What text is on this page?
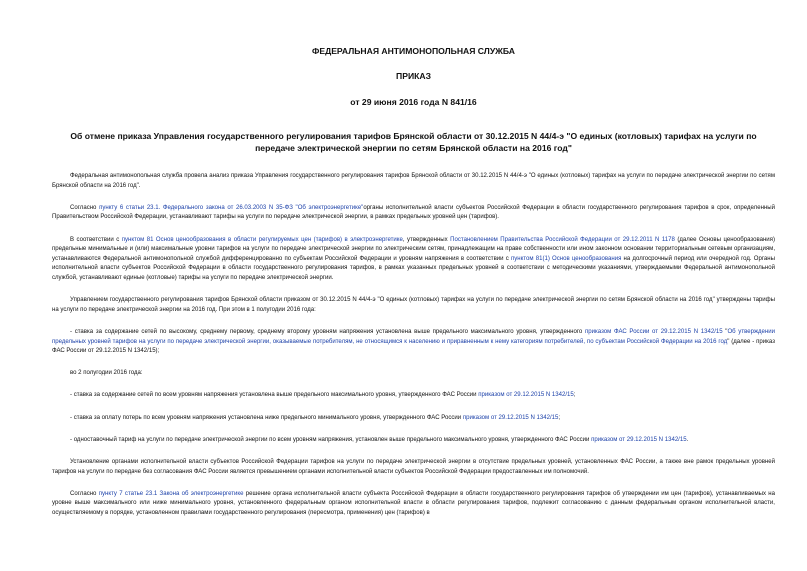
ФЕДЕРАЛЬНАЯ АНТИМОНОПОЛЬНАЯ СЛУЖБА
ПРИКАЗ
от 29 июня 2016 года N 841/16
Об отмене приказа Управления государственного регулирования тарифов Брянской области от 30.12.2015 N 44/4-э "О единых (котловых) тарифах на услуги по передаче электрической энергии по сетям Брянской области на 2016 год"

Федеральная антимонопольная служба провела анализ приказа Управления государственного регулирования тарифов Брянской области от 30.12.2015 N 44/4-э "О единых (котловых) тарифах на услуги по передаче электрической энергии по сетям Брянской области на 2016 год".

Согласно пункту 6 статьи 23.1. Федерального закона от 26.03.2003 N 35-ФЗ "Об электроэнергетике"органы исполнительной власти субъектов Российской Федерации в области государственного регулирования тарифов в срок, определенный Правительством Российской Федерации, устанавливают тарифы на услуги по передаче электрической энергии, в рамках предельных уровней цен (тарифов).

В соответствии с пунктом 81 Основ ценообразования в области регулируемых цен (тарифов) в электроэнергетике, утвержденных Постановлением Правительства Российской Федерации от 29.12.2011 N 1178 (далее Основы ценообразования) предельные минимальные и (или) максимальные уровни тарифов на услуги по передаче электрической энергии по электрическим сетям, принадлежащим на праве собственности или ином законном основании территориальным сетевым организациям, устанавливаются Федеральной антимонопольной службой дифференцированно по субъектам Российской Федерации и уровням напряжения в соответствии с пунктом 81(1) Основ ценообразования на долгосрочный период или очередной год. Органы исполнительной власти субъектов Российской Федерации в области государственного регулирования тарифов, в рамках указанных предельных уровней в соответствии с методическими указаниями, утверждаемыми Федеральной антимонопольной службой, устанавливают единые (котловые) тарифы на услуги по передаче электрической энергии.

Управлением государственного регулирования тарифов Брянской области приказом от 30.12.2015 N 44/4-э "О единых (котловых) тарифах на услуги по передаче электрической энергии по сетям Брянской области на 2016 год" утверждены тарифы на услуги по передаче электрической энергии на 2016 год. При этом в 1 полугодии 2016 года:

- ставка за содержание сетей по высокому, среднему первому, среднему второму уровням напряжения установлена выше предельного максимального уровня, утвержденного приказом ФАС России от 29.12.2015 N 1342/15 "Об утверждении предельных уровней тарифов на услуги по передаче электрической энергии, оказываемые потребителям, не относящимся к населению и приравненным к нему категориям потребителей, по субъектам Российской Федерации на 2016 год" (далее - приказ ФАС России от 29.12.2015 N 1342/15);

во 2 полугодии 2016 года:

- ставка за содержание сетей по всем уровням напряжения установлена выше предельного максимального уровня, утвержденного ФАС России приказом от 29.12.2015 N 1342/15;

- ставка за оплату потерь по всем уровням напряжения установлена ниже предельного минимального уровня, утвержденного ФАС России приказом от 29.12.2015 N 1342/15;

- одноставочный тариф на услуги по передаче электрической энергии по всем уровням напряжения, установлен выше предельного максимального уровня, утвержденного ФАС России приказом от 29.12.2015 N 1342/15.

Установление органами исполнительной власти субъектов Российской Федерации тарифов на услуги по передаче электрической энергии в отсутствие предельных уровней, установленных ФАС России, а также вне рамок предельных уровней тарифов на услуги по передаче без согласования ФАС России является превышением органами исполнительной власти субъектов Российской Федерации предоставленных им полномочий.

Согласно пункту 7 статье 23.1 Закона об электроэнергетике решение органа исполнительной власти субъекта Российской Федерации в области государственного регулирования тарифов об утверждении им цен (тарифов), устанавливаемых на уровне выше максимального или ниже минимального уровня, установленного федеральным органом исполнительной власти в области регулирования тарифов, подлежит согласованию с данным федеральным органом исполнительной власти, осуществляемому в порядке, установленном правилами государственного регулирования (пересмотра, применения) цен (тарифов) в
